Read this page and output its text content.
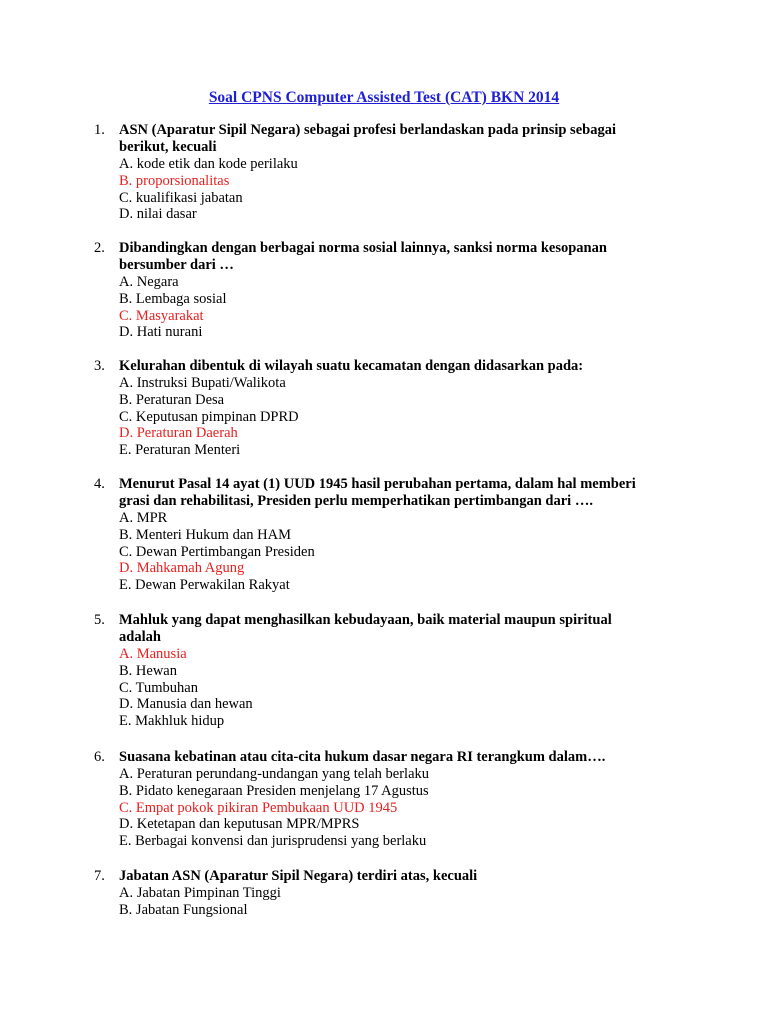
Soal CPNS Computer Assisted Test (CAT) BKN 2014
1. ASN (Aparatur Sipil Negara) sebagai profesi berlandaskan pada prinsip sebagai
berikut, kecuali
A. kode etik dan kode perilaku
B. proporsionalitas
C. kualifikasi jabatan
D. nilai dasar
2. Dibandingkan dengan berbagai norma sosial lainnya, sanksi norma kesopanan
bersumber dari …
A. Negara
B. Lembaga sosial
C. Masyarakat
D. Hati nurani
3. Kelurahan dibentuk di wilayah suatu kecamatan dengan didasarkan pada:
A. Instruksi Bupati/Walikota
B. Peraturan Desa
C. Keputusan pimpinan DPRD
D. Peraturan Daerah
E. Peraturan Menteri
4. Menurut Pasal 14 ayat (1) UUD 1945 hasil perubahan pertama, dalam hal memberi
grasi dan rehabilitasi, Presiden perlu memperhatikan pertimbangan dari ….
A. MPR
B. Menteri Hukum dan HAM
C. Dewan Pertimbangan Presiden
D. Mahkamah Agung
E. Dewan Perwakilan Rakyat
5. Mahluk yang dapat menghasilkan kebudayaan, baik material maupun spiritual
adalah
A. Manusia
B. Hewan
C. Tumbuhan
D. Manusia dan hewan
E. Makhluk hidup
6. Suasana kebatinan atau cita-cita hukum dasar negara RI terangkum dalam….
A. Peraturan perundang-undangan yang telah berlaku
B. Pidato kenegaraan Presiden menjelang 17 Agustus
C. Empat pokok pikiran Pembukaan UUD 1945
D. Ketetapan dan keputusan MPR/MPRS
E. Berbagai konvensi dan jurisprudensi yang berlaku
7. Jabatan ASN (Aparatur Sipil Negara) terdiri atas, kecuali
A. Jabatan Pimpinan Tinggi
B. Jabatan Fungsional
